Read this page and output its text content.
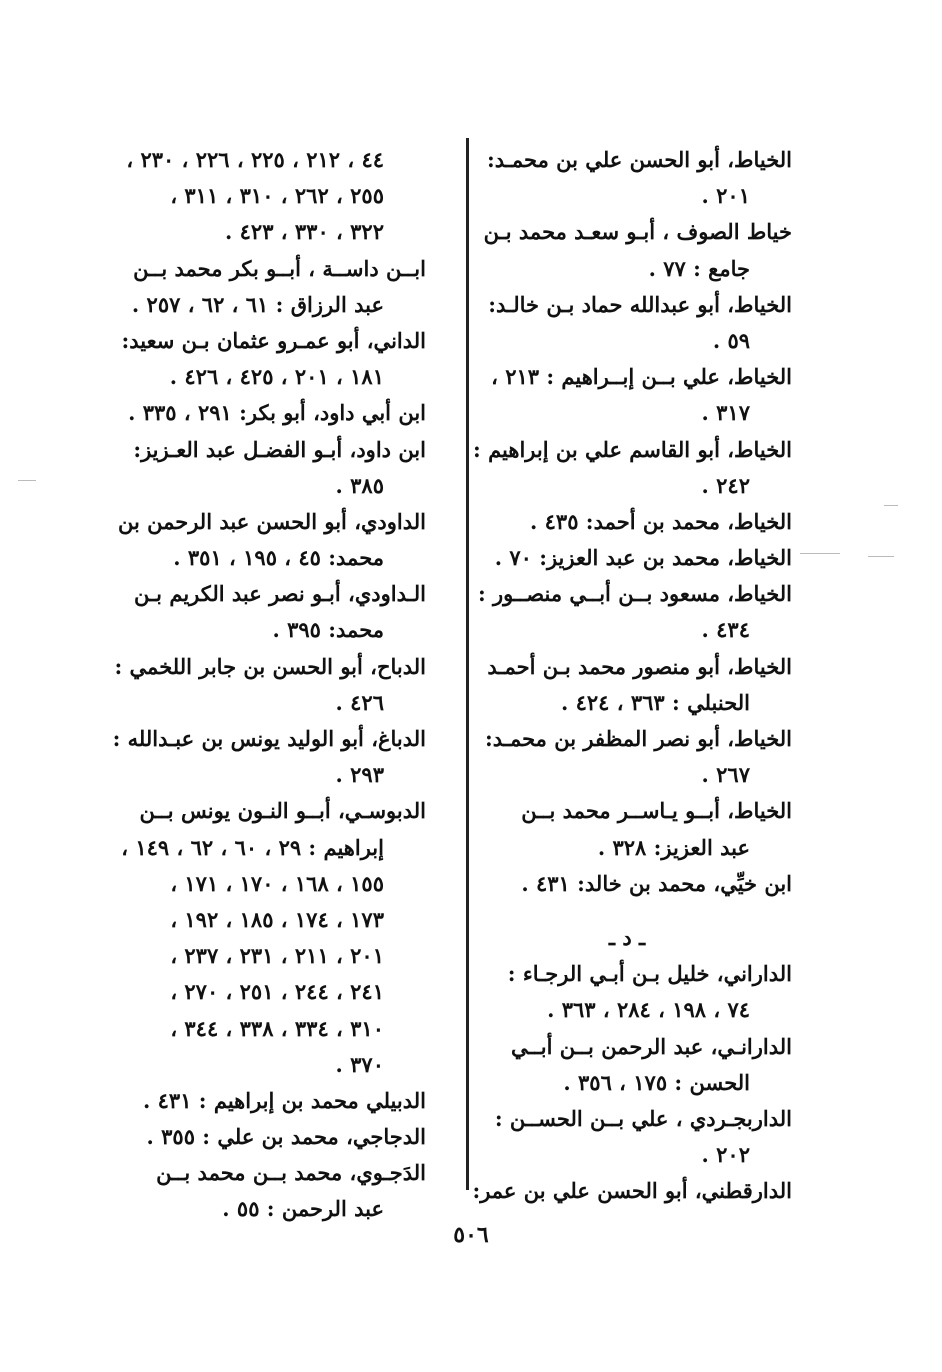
الخياط، أبو الحسن علي بن محمـد:
٢٠١ .
خياط الصوف ، أبـو سعـد محمد بـن
جامع : ٧٧ .
الخياط، أبو عبدالله حماد بـن خالـد:
٥٩ .
الخياط، علي بــن إبــراهيم : ٢١٣ ،
٣١٧ .
الخياط، أبو القاسم علي بن إبراهيم :
٢٤٢ .
الخياط، محمد بن أحمد: ٤٣٥ .
الخياط، محمد بن عبد العزيز: ٧٠ .
الخياط، مسعود بــن أبــي منصــور :
٤٣٤ .
الخياط، أبو منصور محمد بـن أحمـد
الحنبلي : ٣٦٣ ، ٤٢٤ .
الخياط، أبو نصر المظفر بن محمـد:
٢٦٧ .
الخياط، أبــو يـاســر محمد بــن
عبد العزيز: ٣٢٨ .
ابن خيِّي، محمد بن خالد: ٤٣١ .
ـ د ـ
الداراني، خليل بـن أبـي الرجـاء :
٧٤ ، ١٩٨ ، ٢٨٤ ، ٣٦٣ .
الدارانـي، عبد الرحمن بــن أبــي
الحسن : ١٧٥ ، ٣٥٦ .
الداربجـردي ، علي بــن الحســن :
٢٠٢ .
الدارقطني، أبو الحسن علي بن عمر:
٤٤ ، ٢١٢ ، ٢٢٥ ، ٢٢٦ ، ٢٣٠ ،
٢٥٥ ، ٢٦٢ ، ٣١٠ ، ٣١١ ،
٣٢٢ ، ٣٣٠ ، ٤٢٣ .
ابــن داســة ، أبــو بكر محمد بــن
عبد الرزاق : ٦١ ، ٦٢ ، ٢٥٧ .
الداني، أبو عمـرو عثمان بـن سعيد:
١٨١ ، ٢٠١ ، ٤٢٥ ، ٤٢٦ .
ابن أبي داود، أبو بكر: ٢٩١ ، ٣٣٥ .
ابن داود، أبـو الفضـل عبد العـزيز:
٣٨٥ .
الداودي، أبو الحسن عبد الرحمن بن
محمد: ٤٥ ، ١٩٥ ، ٣٥١ .
الـداودي، أبـو نصر عبد الكريم بـن
محمد: ٣٩٥ .
الدباح، أبو الحسن بن جابر اللخمي :
٤٢٦ .
الدباغ، أبو الوليد يونس بن عبـدالله :
٢٩٣ .
الدبوسـي، أبــو النـون يونس بــن
إبراهيم : ٢٩ ، ٦٠ ، ٦٢ ، ١٤٩ ،
١٥٥ ، ١٦٨ ، ١٧٠ ، ١٧١ ،
١٧٣ ، ١٧٤ ، ١٨٥ ، ١٩٢ ،
٢٠١ ، ٢١١ ، ٢٣١ ، ٢٣٧ ،
٢٤١ ، ٢٤٤ ، ٢٥١ ، ٢٧٠ ،
٣١٠ ، ٣٣٤ ، ٣٣٨ ، ٣٤٤ ،
٣٧٠ .
الدبيلي محمد بن إبراهيم : ٤٣١ .
الدجاجي، محمد بن علي : ٣٥٥ .
الدَجـوي، محمد بــن محمد بــن
عبد الرحمن : ٥٥ .
٥٠٦
